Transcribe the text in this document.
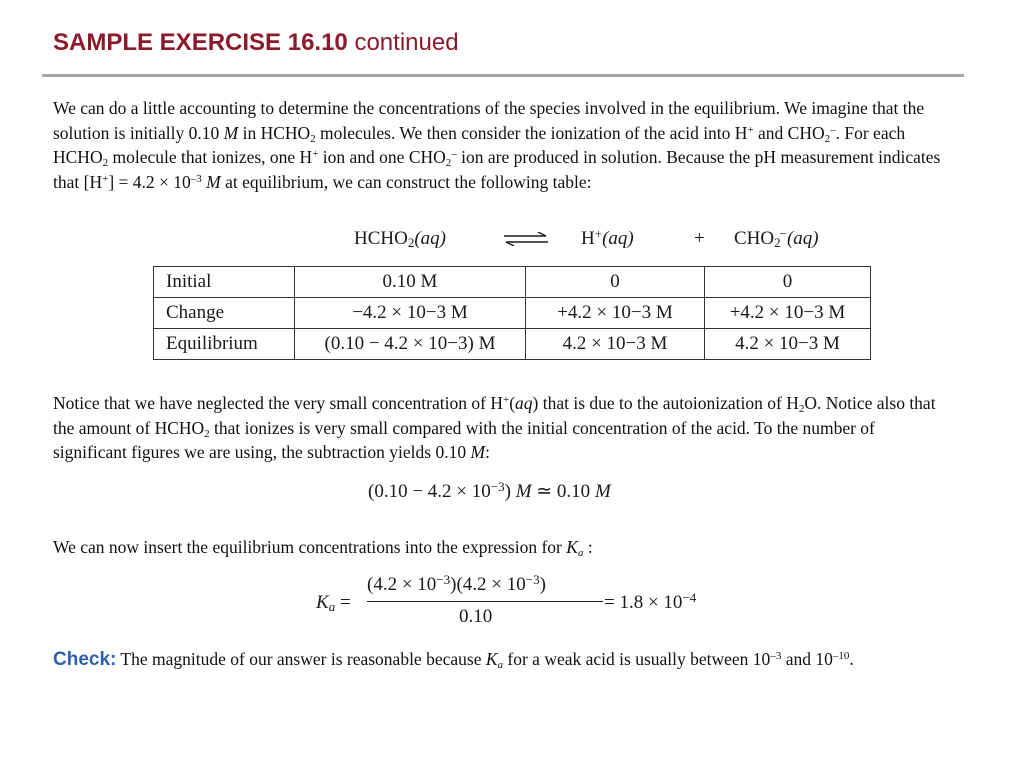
SAMPLE EXERCISE 16.10 continued

We can do a little accounting to determine the concentrations of the species involved in the equilibrium. We imagine that the solution is initially 0.10 M in $HCHO_2$ molecules. We then consider the ionization of the acid into H+ and $CHO_2^-$. For each $HCHO_2$ molecule that ionizes, one H+ ion and one $CHO_2^-$ ion are produced in solution. Because the pH measurement indicates that $[H^+] = 4.2 \times 10^{-3}$ M at equilibrium, we can construct the following table:

$HCHO_2(aq)$	H+(aq)	+ $CHO_2^-(aq)$
Initial	0.10 M	0	0
Change	−4.2 × 10−3 M	+4.2 × 10−3 M	+4.2 × 10−3 M
Equilibrium	(0.10 − 4.2 × 10−3) M	4.2 × 10−3 M	4.2 × 10−3 M

Notice that we have neglected the very small concentration of H+(aq) that is due to the autoionization of $H_2O$. Notice also that the amount of $HCHO_2$ that ionizes is very small compared with the initial concentration of the acid. To the number of significant figures we are using, the subtraction yields 0.10 M:

$(0.10 - 4.2 \times 10^{-3})$ M ≃ 0.10 M

We can now insert the equilibrium concentrations into the expression for $K_a$ :

$K_a$ =
$(4.2 \times 10^{-3})(4.2 \times 10^{-3})$
0.10
= $1.8 \times 10^{-4}$

Check: The magnitude of our answer is reasonable because $K_a$ for a weak acid is usually between $10^{-3}$ and $10^{-10}$.
